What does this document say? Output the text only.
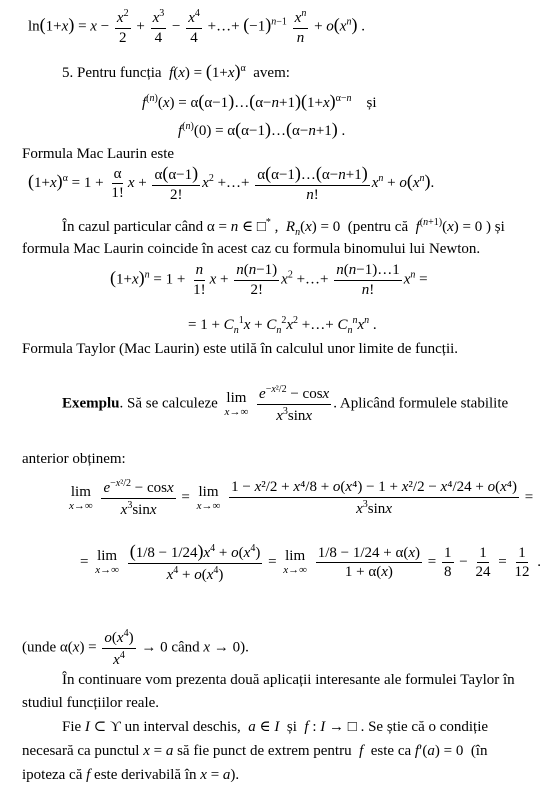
$\ln(1+x) = x - \frac{x^2}{2} + \frac{x^3}{4} - \frac{x^4}{4}$ +…+ $(-1)^{n-1} \frac{x^n}{n} + o(x^n)$ .
5. Pentru funcția  $f(x) = (1+x)^\alpha$  avem:
$f^{(n)}(x)$ = $\alpha(\alpha-1)\dots(\alpha-n+1)(1+x)^{\alpha-n}$    și
$f^{(n)}(0)$ = α(α−1)…(α−n+1) .
Formula Mac Laurin este
$(1+x)^\alpha = 1 + \frac{\alpha}{1!}$ $x + \frac{\alpha(\alpha-1)}{2!} x^2$ +…+ $\frac{\alpha(\alpha-1)\dots(\alpha-n+1)}{n!} x^n + o(x^n)$.
În cazul particular când α = n ∈ □* ,  $R_n(x) = 0$  (pentru că  $f^{(n+1)}(x) = 0$ ) și
formula Mac Laurin coincide în acest caz cu formula binomului lui Newton.
$(1+x)^n = 1 + \frac{n}{1!}$ $x + \frac{n(n-1)}{2!} x^2$ +…+ $\frac{n(n-1)\dots 1}{n!} x^n$ =
= $1 + C_n^1x + C_n^2x^2$ +…+ $C_n^nx^n$ .
Formula Taylor (Mac Laurin) este utilă în calculul unor limite de funcții.
Exemplu. Să se calculeze lim
x→∞
$\frac{e^{-x^2/2} - \cos x}{x^3\sin x}$ . Aplicând formulele stabilite
anterior obținem:
lim
x→∞
$\frac{e^{-x^2/2} - \cos x}{x^3\sin x} = \lim$
x→∞
$\frac{\text{1 − x²/2 + x⁴/8 + o(x⁴) − 1 + x²/2 − x⁴/24 + o(x⁴)}}{x^3\sin x}$ =
= lim
x→∞
$\frac{(1/8 - 1/24)x^4 + o(x^4)}{x^4 + o(x^4)} = \lim$
x→∞
$\frac{1/8 - 1/24 + \alpha(x)}{1 + \alpha(x)} = \frac{1}{8} - \frac{1}{24} = \frac{1}{12}$ .
(unde $\alpha(x) = \frac{o(x^4)}{x^4} \to 0$ când x → 0).
În continuare vom prezenta două aplicații interesante ale formulei Taylor în
studiul funcțiilor reale.
Fie I ⊂ ϒ un interval deschis,  a ∈ I  și  f : I → □ . Se știe că o condiție
necesară ca punctul x = a să fie punct de extrem pentru  f  este ca f′(a) = 0  (în
ipoteza că f este derivabilă în x = a).
